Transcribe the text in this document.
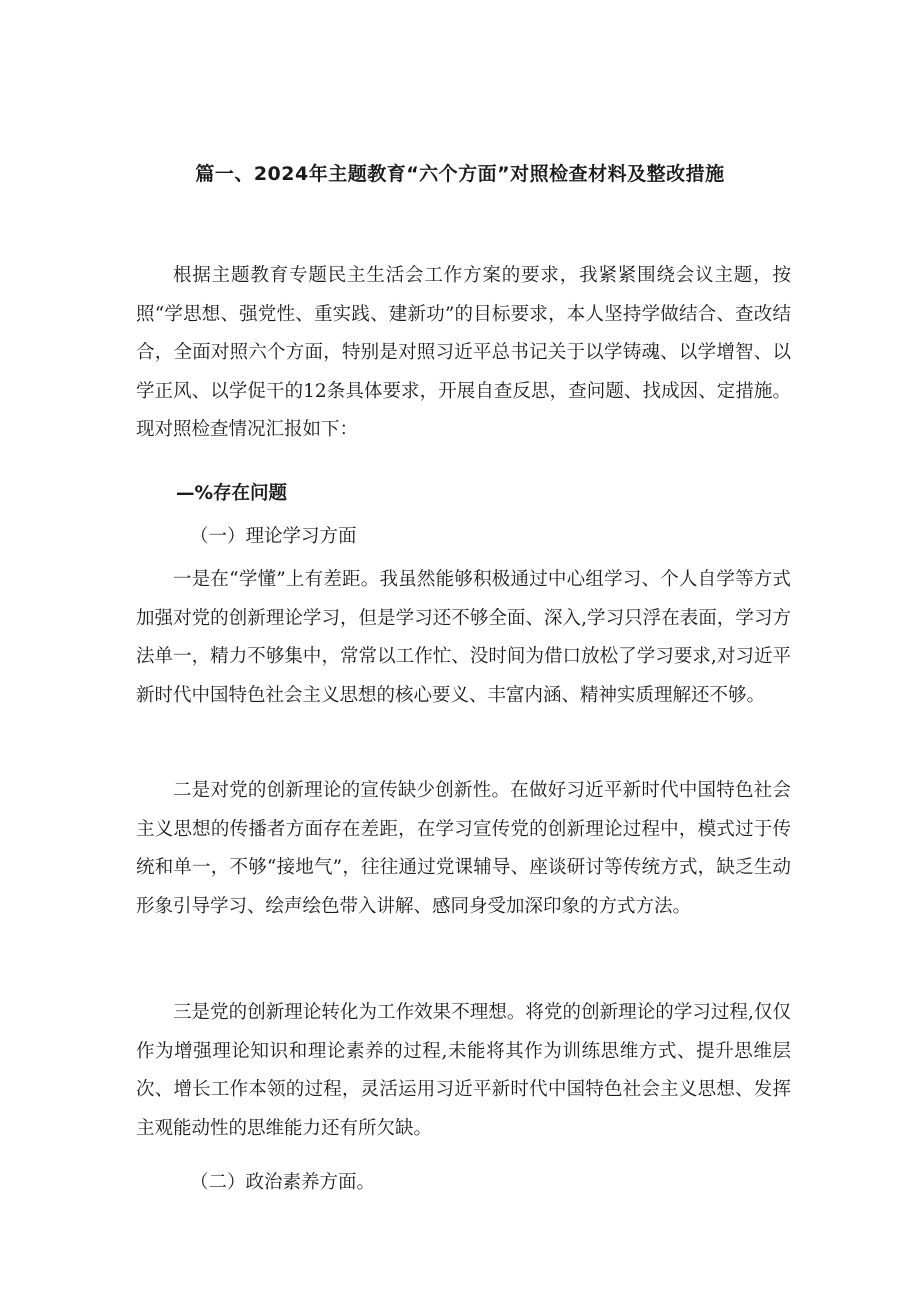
篇一、2024年主题教育“六个方面”对照检查材料及整改措施

根据主题教育专题民主生活会工作方案的要求，我紧紧围绕会议主题，按照“学思想、强党性、重实践、建新功”的目标要求，本人坚持学做结合、查改结合，全面对照六个方面，特别是对照习近平总书记关于以学铸魂、以学增智、以学正风、以学促干的12条具体要求，开展自查反思，查问题、找成因、定措施。现对照检查情况汇报如下：

—%存在问题
（一）理论学习方面

一是在“学懂”上有差距。我虽然能够积极通过中心组学习、个人自学等方式加强对党的创新理论学习，但是学习还不够全面、深入,学习只浮在表面，学习方法单一，精力不够集中，常常以工作忙、没时间为借口放松了学习要求,对习近平新时代中国特色社会主义思想的核心要义、丰富内涵、精神实质理解还不够。

二是对党的创新理论的宣传缺少创新性。在做好习近平新时代中国特色社会主义思想的传播者方面存在差距，在学习宣传党的创新理论过程中，模式过于传统和单一，不够“接地气”，往往通过党课辅导、座谈研讨等传统方式，缺乏生动形象引导学习、绘声绘色带入讲解、感同身受加深印象的方式方法。

三是党的创新理论转化为工作效果不理想。将党的创新理论的学习过程,仅仅作为增强理论知识和理论素养的过程,未能将其作为训练思维方式、提升思维层次、增长工作本领的过程，灵活运用习近平新时代中国特色社会主义思想、发挥主观能动性的思维能力还有所欠缺。

（二）政治素养方面。
